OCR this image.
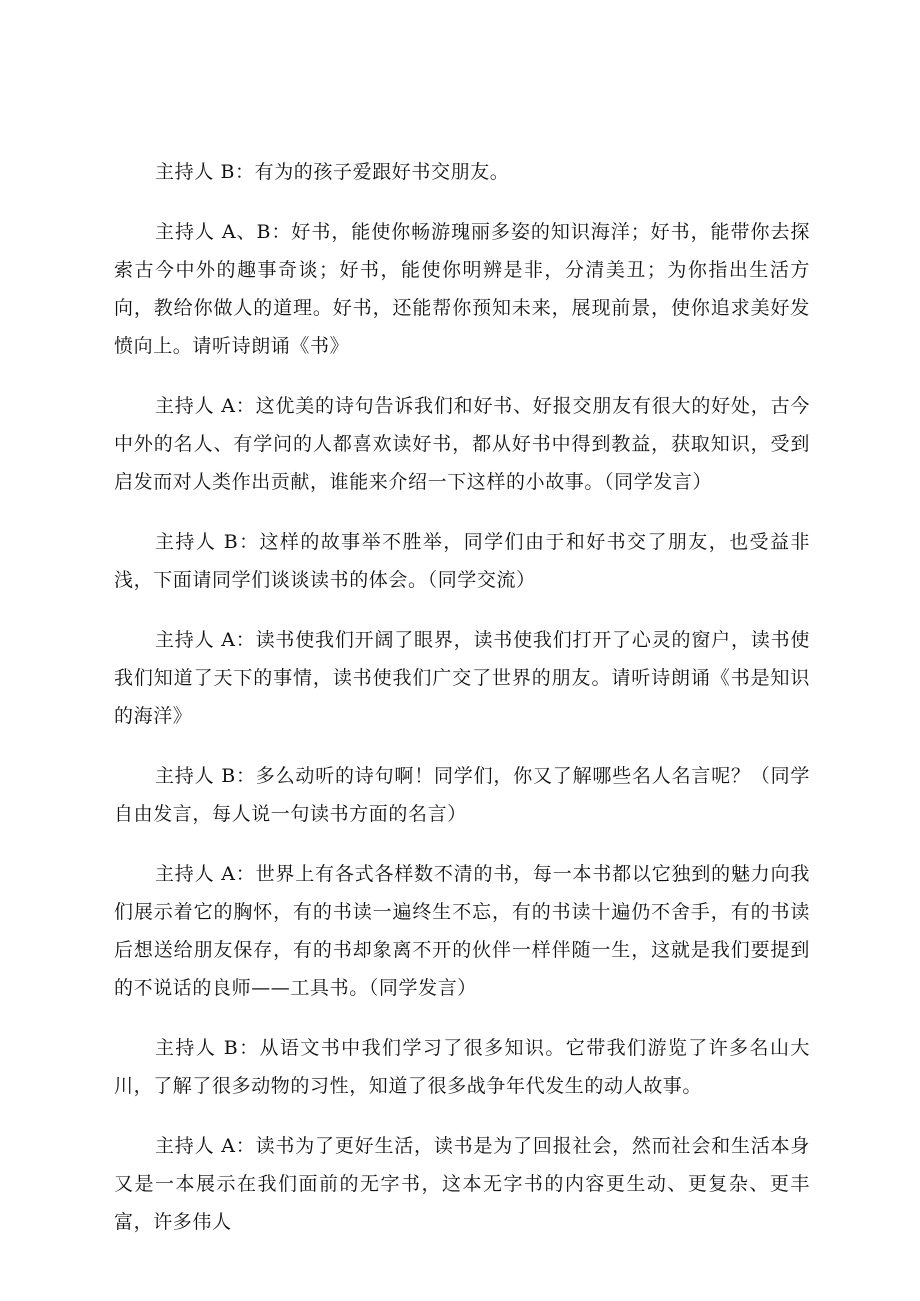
主持人 B：有为的孩子爱跟好书交朋友。

主持人 A、B：好书，能使你畅游瑰丽多姿的知识海洋；好书，能带你去探索古今中外的趣事奇谈；好书，能使你明辨是非，分清美丑；为你指出生活方向，教给你做人的道理。好书，还能帮你预知未来，展现前景，使你追求美好发愤向上。请听诗朗诵《书》

主持人 A：这优美的诗句告诉我们和好书、好报交朋友有很大的好处，古今中外的名人、有学问的人都喜欢读好书，都从好书中得到教益，获取知识，受到启发而对人类作出贡献，谁能来介绍一下这样的小故事。（同学发言）

主持人 B：这样的故事举不胜举，同学们由于和好书交了朋友，也受益非浅，下面请同学们谈谈读书的体会。（同学交流）

主持人 A：读书使我们开阔了眼界，读书使我们打开了心灵的窗户，读书使我们知道了天下的事情，读书使我们广交了世界的朋友。请听诗朗诵《书是知识的海洋》

主持人 B：多么动听的诗句啊！同学们，你又了解哪些名人名言呢？（同学自由发言，每人说一句读书方面的名言）

主持人 A：世界上有各式各样数不清的书，每一本书都以它独到的魅力向我们展示着它的胸怀，有的书读一遍终生不忘，有的书读十遍仍不舍手，有的书读后想送给朋友保存，有的书却象离不开的伙伴一样伴随一生，这就是我们要提到的不说话的良师——工具书。（同学发言）

主持人 B：从语文书中我们学习了很多知识。它带我们游览了许多名山大川，了解了很多动物的习性，知道了很多战争年代发生的动人故事。

主持人 A：读书为了更好生活，读书是为了回报社会，然而社会和生活本身又是一本展示在我们面前的无字书，这本无字书的内容更生动、更复杂、更丰富，许多伟人
